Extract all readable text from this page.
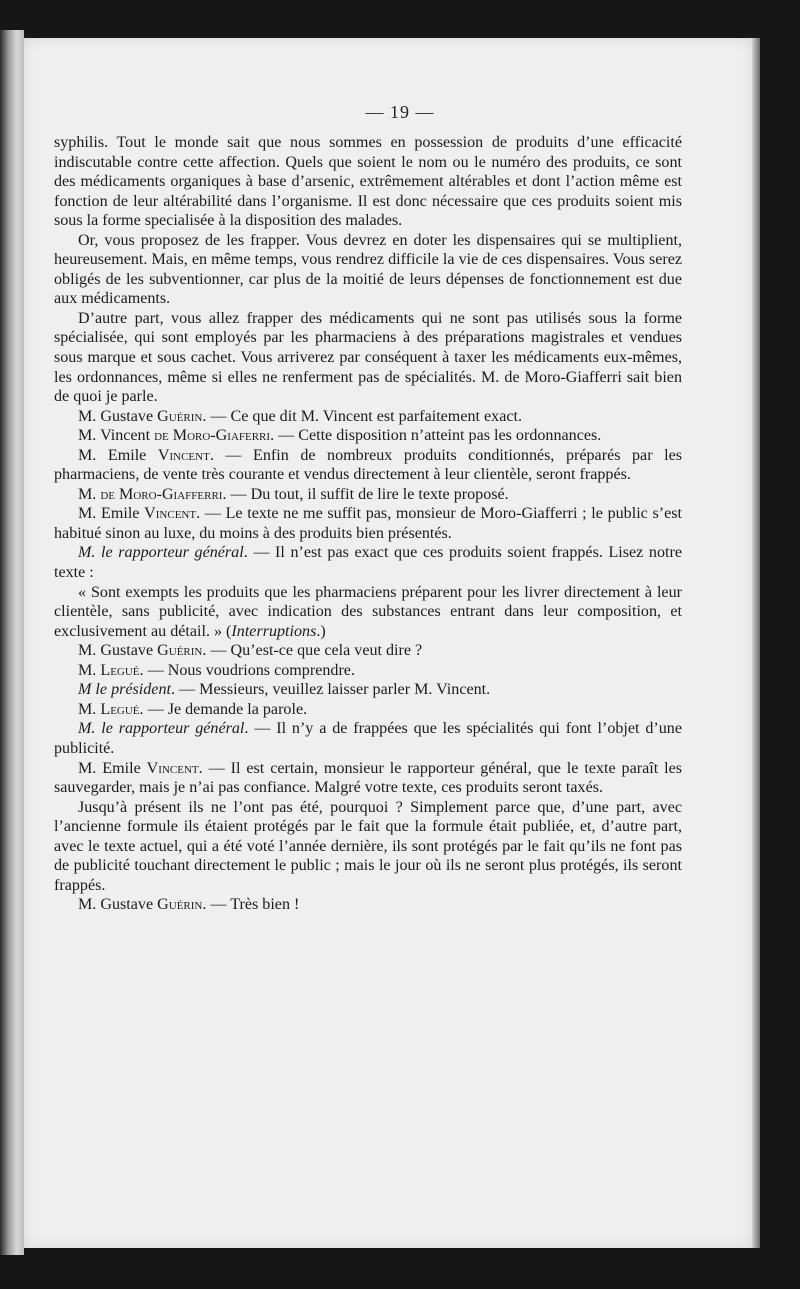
— 19 —

syphilis. Tout le monde sait que nous sommes en possession de produits d’une efficacité indiscutable contre cette affection. Quels que soient le nom ou le numéro des produits, ce sont des médicaments organiques à base d’arsenic, extrêmement altérables et dont l’action même est fonction de leur altérabilité dans l’organisme. Il est donc nécessaire que ces produits soient mis sous la forme specialisée à la disposition des malades.

Or, vous proposez de les frapper. Vous devrez en doter les dispensaires qui se multiplient, heureusement. Mais, en même temps, vous rendrez difficile la vie de ces dispensaires. Vous serez obligés de les subventionner, car plus de la moitié de leurs dépenses de fonctionnement est due aux médicaments.

D’autre part, vous allez frapper des médicaments qui ne sont pas utilisés sous la forme spécialisée, qui sont employés par les pharmaciens à des préparations magistrales et vendues sous marque et sous cachet. Vous arriverez par conséquent à taxer les médicaments eux-mêmes, les ordonnances, même si elles ne renferment pas de spécialités. M. de Moro-Giafferri sait bien de quoi je parle.

M. Gustave Guérin. — Ce que dit M. Vincent est parfaitement exact.

M. Vincent de Moro-Giaferri. — Cette disposition n’atteint pas les ordonnances.

M. Emile Vincent. — Enfin de nombreux produits conditionnés, préparés par les pharmaciens, de vente très courante et vendus directement à leur clientèle, seront frappés.

M. de Moro-Giafferri. — Du tout, il suffit de lire le texte proposé.

M. Emile Vincent. — Le texte ne me suffit pas, monsieur de Moro-Giafferri ; le public s’est habitué sinon au luxe, du moins à des produits bien présentés.

M. le rapporteur général. — Il n’est pas exact que ces produits soient frappés. Lisez notre texte :

« Sont exempts les produits que les pharmaciens préparent pour les livrer directement à leur clientèle, sans publicité, avec indication des substances entrant dans leur composition, et exclusivement au détail. » (Interruptions.)

M. Gustave Guérin. — Qu’est-ce que cela veut dire ?

M. Legué. — Nous voudrions comprendre.

M le président. — Messieurs, veuillez laisser parler M. Vincent.

M. Legué. — Je demande la parole.

M. le rapporteur général. — Il n’y a de frappées que les spécialités qui font l’objet d’une publicité.

M. Emile Vincent. — Il est certain, monsieur le rapporteur général, que le texte paraît les sauvegarder, mais je n’ai pas confiance. Malgré votre texte, ces produits seront taxés.

Jusqu’à présent ils ne l’ont pas été, pourquoi ? Simplement parce que, d’une part, avec l’ancienne formule ils étaient protégés par le fait que la formule était publiée, et, d’autre part, avec le texte actuel, qui a été voté l’année dernière, ils sont protégés par le fait qu’ils ne font pas de publicité touchant directement le public ; mais le jour où ils ne seront plus protégés, ils seront frappés.

M. Gustave Guérin. — Très bien !
